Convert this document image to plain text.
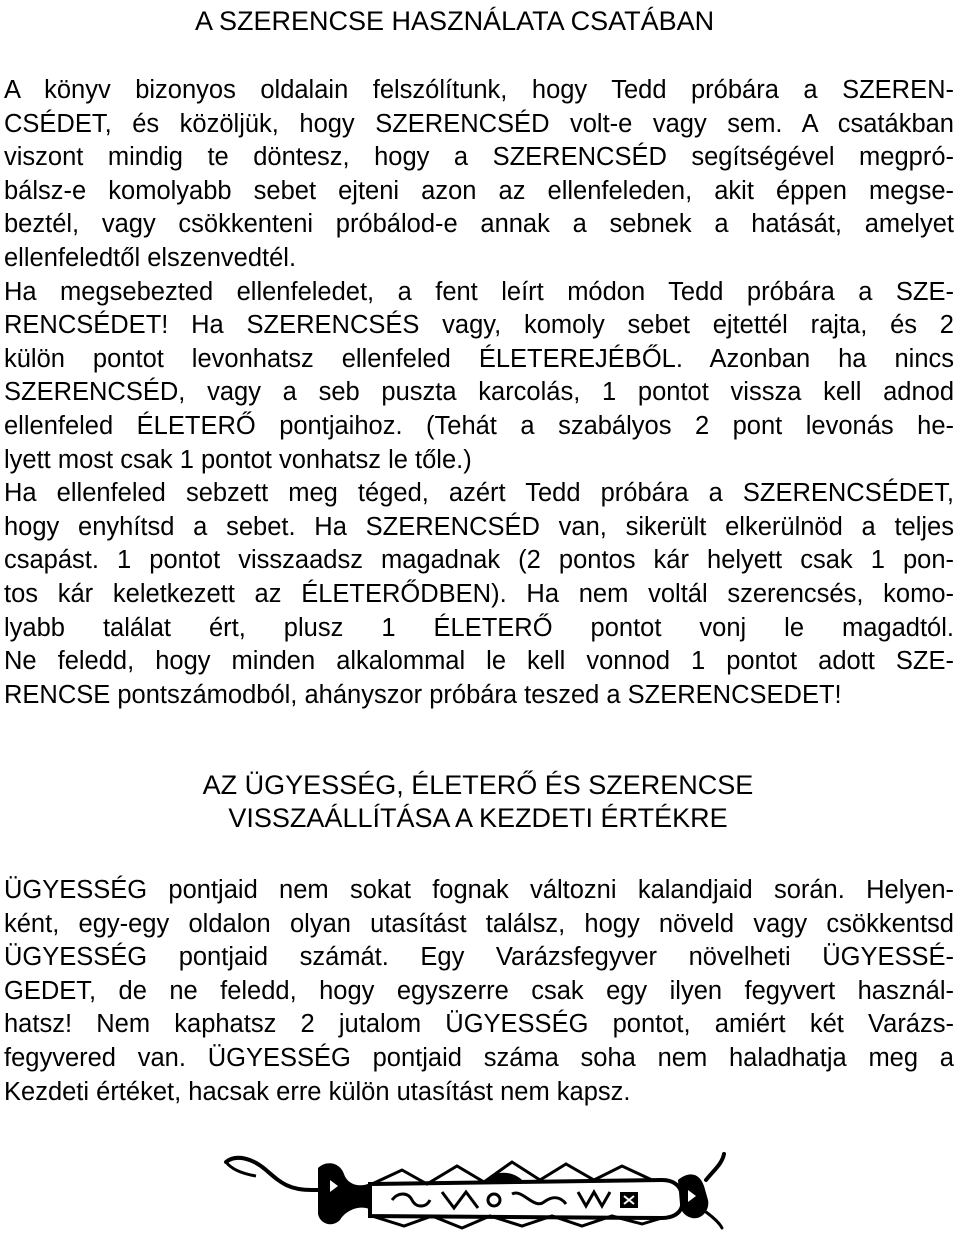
A SZERENCSE HASZNÁLATA CSATÁBAN
A könyv bizonyos oldalain felszólítunk, hogy Tedd próbára a SZEREN-
CSÉDET, és közöljük, hogy SZERENCSÉD volt-e vagy sem. A csatákban
viszont mindig te döntesz, hogy a SZERENCSÉD segítségével megpró-
bálsz-e komolyabb sebet ejteni azon az ellenfeleden, akit éppen megse-
beztél, vagy csökkenteni próbálod-e annak a sebnek a hatását, amelyet
ellenfeledtől elszenvedtél.
Ha megsebezted ellenfeledet, a fent leírt módon Tedd próbára a SZE-
RENCSÉDET! Ha SZERENCSÉS vagy, komoly sebet ejtettél rajta, és 2
külön pontot levonhatsz ellenfeled ÉLETEREJÉBŐL. Azonban ha nincs
SZERENCSÉD, vagy a seb puszta karcolás, 1 pontot vissza kell adnod
ellenfeled ÉLETERŐ pontjaihoz. (Tehát a szabályos 2 pont levonás he-
lyett most csak 1 pontot vonhatsz le tőle.)
Ha ellenfeled sebzett meg téged, azért Tedd próbára a SZERENCSÉDET,
hogy enyhítsd a sebet. Ha SZERENCSÉD van, sikerült elkerülnöd a teljes
csapást. 1 pontot visszaadsz magadnak (2 pontos kár helyett csak 1 pon-
tos kár keletkezett az ÉLETERŐDBEN). Ha nem voltál szerencsés, komo-
lyabb találat ért, plusz 1 ÉLETERŐ pontot vonj le magadtól.
Ne feledd, hogy minden alkalommal le kell vonnod 1 pontot adott SZE-
RENCSE pontszámodból, ahányszor próbára teszed a SZERENCSEDET!
AZ ÜGYESSÉG, ÉLETERŐ ÉS SZERENCSE
VISSZAÁLLÍTÁSA A KEZDETI ÉRTÉKRE
ÜGYESSÉG pontjaid nem sokat fognak változni kalandjaid során. Helyen-
ként, egy-egy oldalon olyan utasítást találsz, hogy növeld vagy csökkentsd
ÜGYESSÉG pontjaid számát. Egy Varázsfegyver növelheti ÜGYESSÉ-
GEDET, de ne feledd, hogy egyszerre csak egy ilyen fegyvert használ-
hatsz! Nem kaphatsz 2 jutalom ÜGYESSÉG pontot, amiért két Varázs-
fegyvered van. ÜGYESSÉG pontjaid száma soha nem haladhatja meg a
Kezdeti értéket, hacsak erre külön utasítást nem kapsz.
